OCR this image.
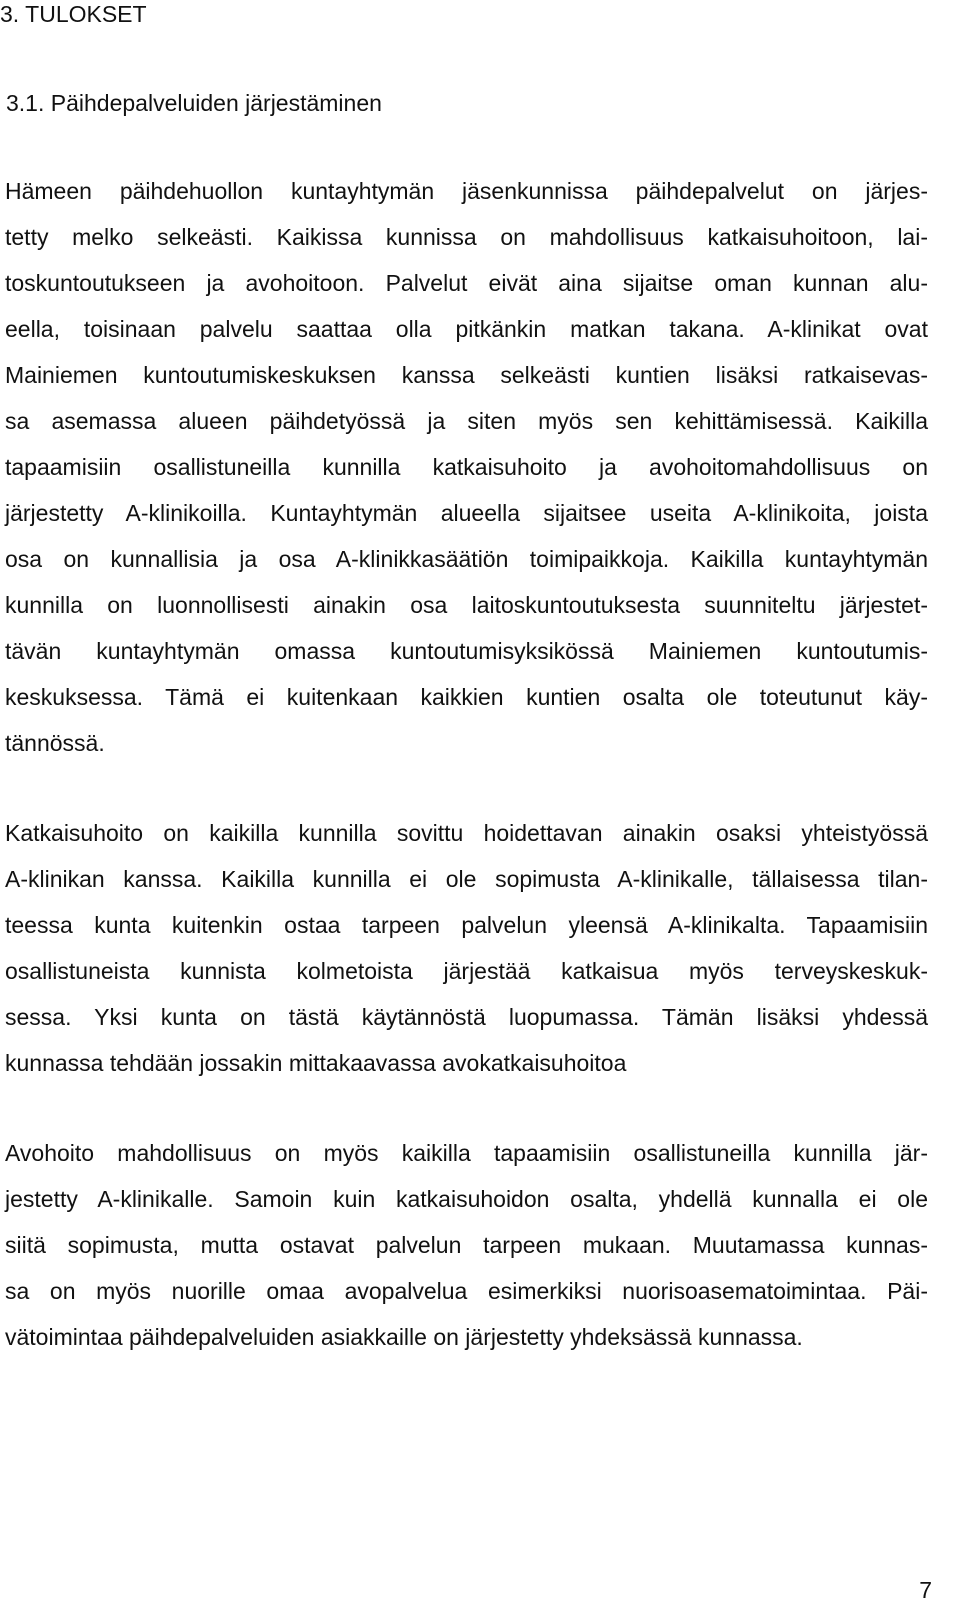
3. TULOKSET
3.1. Päihdepalveluiden järjestäminen

Hämeen päihdehuollon kuntayhtymän jäsenkunnissa päihdepalvelut on järjes-

tetty melko selkeästi. Kaikissa kunnissa on mahdollisuus katkaisuhoitoon, lai-

toskuntoutukseen ja avohoitoon. Palvelut eivät aina sijaitse oman kunnan alu-

eella, toisinaan palvelu saattaa olla pitkänkin matkan takana. A-klinikat ovat

Mainiemen kuntoutumiskeskuksen kanssa selkeästi kuntien lisäksi ratkaisevas-

sa asemassa alueen päihdetyössä ja siten myös sen kehittämisessä. Kaikilla

tapaamisiin osallistuneilla kunnilla katkaisuhoito ja avohoitomahdollisuus on

järjestetty A-klinikoilla. Kuntayhtymän alueella sijaitsee useita A-klinikoita, joista

osa on kunnallisia ja osa A-klinikkasäätiön toimipaikkoja. Kaikilla kuntayhtymän

kunnilla on luonnollisesti ainakin osa laitoskuntoutuksesta suunniteltu järjestet-

tävän kuntayhtymän omassa kuntoutumisyksikössä Mainiemen kuntoutumis-

keskuksessa. Tämä ei kuitenkaan kaikkien kuntien osalta ole toteutunut käy-

tännössä.

Katkaisuhoito on kaikilla kunnilla sovittu hoidettavan ainakin osaksi yhteistyössä

A-klinikan kanssa. Kaikilla kunnilla ei ole sopimusta A-klinikalle, tällaisessa tilan-

teessa kunta kuitenkin ostaa tarpeen palvelun yleensä A-klinikalta. Tapaamisiin

osallistuneista kunnista kolmetoista järjestää katkaisua myös terveyskeskuk-

sessa. Yksi kunta on tästä käytännöstä luopumassa. Tämän lisäksi yhdessä

kunnassa tehdään jossakin mittakaavassa avokatkaisuhoitoa

Avohoito mahdollisuus on myös kaikilla tapaamisiin osallistuneilla kunnilla jär-

jestetty A-klinikalle. Samoin kuin katkaisuhoidon osalta, yhdellä kunnalla ei ole

siitä sopimusta, mutta ostavat palvelun tarpeen mukaan. Muutamassa kunnas-

sa on myös nuorille omaa avopalvelua esimerkiksi nuorisoasematoimintaa. Päi-

vätoimintaa päihdepalveluiden asiakkaille on järjestetty yhdeksässä kunnassa.

7
